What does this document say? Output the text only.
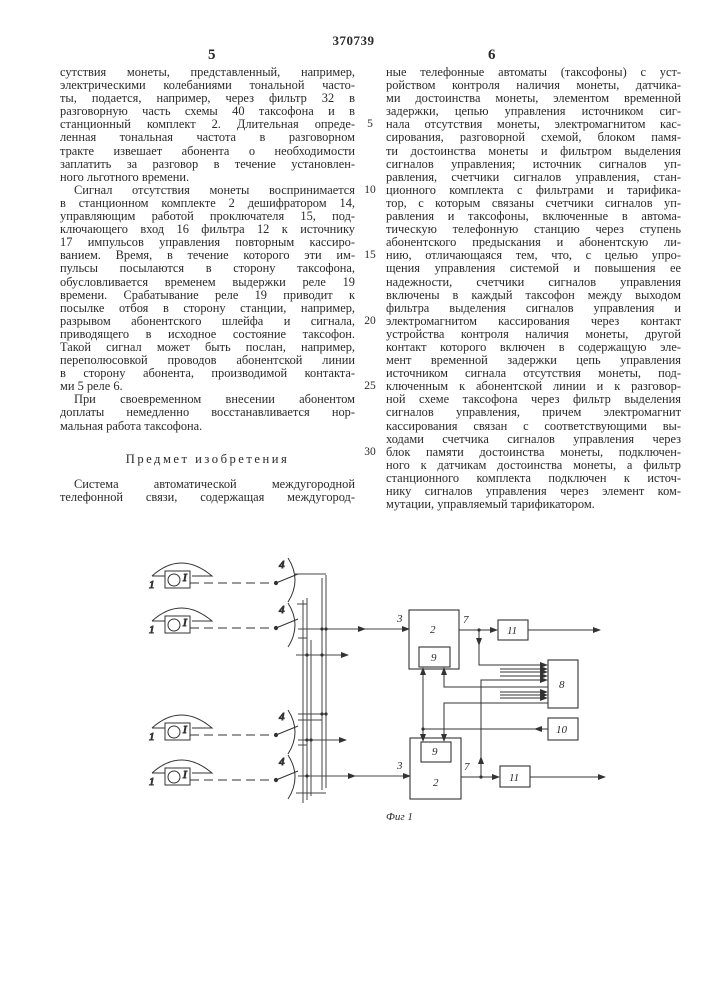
370739
5	6
сутствия монеты, представленный, например,
электрическими колебаниями тональной часто-
ты, подается, например, через фильтр 32 в
разговорную часть схемы 40 таксофона и в
станционный комплект 2. Длительная опреде-
ленная тональная частота в разговорном
тракте извешает абонента о необходимости
заплатить за разговор в течение установлен-
ного льготного времени.
Сигнал отсутствия монеты воспринимается
в станционном комплекте 2 дешифратором 14,
управляющим работой проключателя 15, под-
ключающего вход 16 фильтра 12 к источнику
17 импульсов управления повторным кассиро-
ванием. Время, в течение которого эти им-
пульсы посылаются в сторону таксофона,
обусловливается временем выдержки реле 19
времени. Срабатывание реле 19 приводит к
посылке отбоя в сторону станции, например,
разрывом абонентского шлейфа и сигнала,
приводящего в исходное состояние таксофон.
Такой сигнал может быть послан, например,
переполюсовкой проводов абонентской линии
в сторону абонента, производимой контакта-
ми 5 реле 6.
При своевременном внесении абонентом
доплаты немедленно восстанавливается нор-
мальная работа таксофона.
Предмет изобретения
Система автоматической междугородной
телефонной связи, содержащая междугород-
ные телефонные автоматы (таксофоны) с уст-
ройством контроля наличия монеты, датчика-
ми достоинства монеты, элементом временной
задержки, цепью управления источником сиг-
нала отсутствия монеты, электромагнитом кас-
сирования, разговорной схемой, блоком памя-
ти достоинства монеты и фильтром выделения
сигналов управления; источник сигналов уп-
равления, счетчики сигналов управления, стан-
ционного комплекта с фильтрами и тарифика-
тор, с которым связаны счетчики сигналов уп-
равления и таксофоны, включенные в автома-
тическую телефонную станцию через ступень
абонентского предыскания и абонентскую ли-
нию, отличающаяся тем, что, с целью упро-
щения управления системой и повышения ее
надежности, счетчики сигналов управления
включены в каждый таксофон между выходом
фильтра выделения сигналов управления и
электромагнитом кассирования через контакт
устройства контроля наличия монеты, другой
контакт которого включен в содержащую эле-
мент временной задержки цепь управления
источником сигнала отсутствия монеты, под-
ключенным к абонентской линии и к разговор-
ной схеме таксофона через фильтр выделения
сигналов управления, причем электромагнит
кассирования связан с соответствующими вы-
ходами счетчика сигналов управления через
блок памяти достоинства монеты, подключен-
ного к датчикам достоинства монеты, а фильтр
станционного комплекта подключен к источ-
нику сигналов управления через элемент ком-
мутации, управляемый тарификатором.
5
10
15
20
25
30
I
1
4
I
1
4
I
1
4
I
1
4
2
9
3	7
11
8
10
9
2
3	7
11
Фиг 1
